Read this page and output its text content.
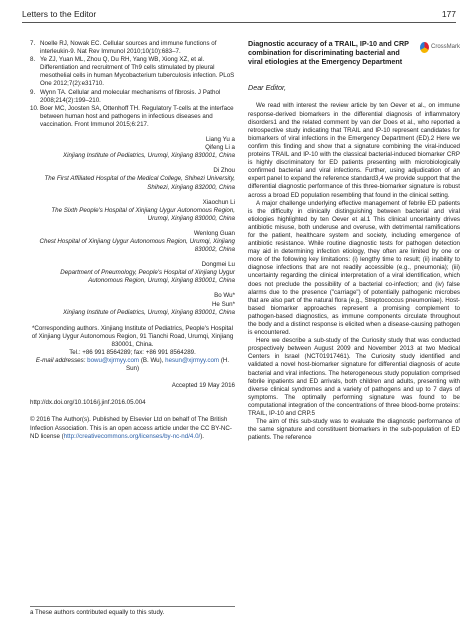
Letters to the Editor	177
7. Noelle RJ, Nowak EC. Cellular sources and immune functions of interleukin-9. Nat Rev Immunol 2010;10(10):683–7.
8. Ye ZJ, Yuan ML, Zhou Q, Du RH, Yang WB, Xiong XZ, et al. Differentiation and recruitment of Th9 cells stimulated by pleural mesothelial cells in human Mycobacterium tuberculosis infection. PLoS One 2012;7(2):e31710.
9. Wynn TA. Cellular and molecular mechanisms of fibrosis. J Pathol 2008;214(2):199–210.
10. Boer MC, Joosten SA, Ottenhoff TH. Regulatory T-cells at the interface between human host and pathogens in infectious diseases and vaccination. Front Immunol 2015;6:217.
Liang Yu a
Qifeng Li a
Xinjiang Institute of Pediatrics, Urumqi, Xinjiang 830001, China
Di Zhou
The First Affiliated Hospital of the Medical College, Shihezi University, Shihezi, Xinjiang 832000, China
Xiaochun Li
The Sixth People's Hospital of Xinjiang Uygur Autonomous Region, Urumqi, Xinjiang 830000, China
Wenlong Guan
Chest Hospital of Xinjiang Uygur Autonomous Region, Urumqi, Xinjiang 830002, China
Dongmei Lu
Department of Pneumology, People's Hospital of Xinjiang Uygur Autonomous Region, Urumqi, Xinjiang 830001, China
Bo Wu*
He Sun*
Xinjiang Institute of Pediatrics, Urumqi, Xinjiang 830001, China
*Corresponding authors. Xinjiang Institute of Pediatrics, People's Hospital of Xinjiang Uygur Autonomous Region, 91 Tianchi Road, Urumqi, Xinjiang 830001, China.
Tel.: +86 991 8564289; fax: +86 991 8564289.
E-mail addresses: bowu@xjrmyy.com (B. Wu), hesun@xjrmyy.com (H. Sun)
Accepted 19 May 2016
http://dx.doi.org/10.1016/j.jinf.2016.05.004
© 2016 The Author(s). Published by Elsevier Ltd on behalf of The British Infection Association. This is an open access article under the CC BY-NC-ND license (http://creativecommons.org/licenses/by-nc-nd/4.0/).
a These authors contributed equally to this study.
Diagnostic accuracy of a TRAIL, IP-10 and CRP combination for discriminating bacterial and viral etiologies at the Emergency Department
CrossMark
Dear Editor,

We read with interest the review article by ten Oever et al., on immune response-derived biomarkers in the differential diagnosis of inflammatory disorders1 and the related comment by van der Does et al., who reported a retrospective study indicating that TRAIL and IP-10 represent candidates for biomarkers of viral infections in the Emergency Department (ED).2 Here we confirm this finding and show that a signature combining the viral-induced proteins TRAIL and IP-10 with the classical bacterial-induced biomarker CRP is highly discriminatory for ED patients presenting with microbiologically confirmed bacterial and viral infections. Further, using adjudication of an expert panel to expand the reference standard3,4 we provide support that the differential diagnostic performance of this three-biomarker signature is robust across a broad ED population resembling that found in the clinical setting.

A major challenge underlying effective management of febrile ED patients is the difficulty in clinically distinguishing between bacterial and viral etiologies highlighted by ten Oever et al.1 This clinical uncertainty drives antibiotic misuse, both underuse and overuse, with detrimental ramifications for the patient, healthcare system and society, including emergence of antibiotic resistance. While routine diagnostic tests for pathogen detection may aid in determining infection etiology, they often are limited by one or more of the following key limitations: (i) lengthy time to result; (ii) inability to diagnose infections that are not readily accessible (e.g., pneumonia); (iii) uncertainty regarding the clinical interpretation of a viral identification, which does not preclude the possibility of a bacterial co-infection; and (iv) false alarms due to the presence ("carriage") of potentially pathogenic microbes that are also part of the natural flora (e.g., Streptococcus pneumoniae). Host-based biomarker approaches represent a promising complement to pathogen-based diagnostics, as immune components circulate throughout the body and a distinct response is elicited when a disease-causing pathogen is encountered.

Here we describe a sub-study of the Curiosity study that was conducted prospectively between August 2009 and November 2013 at two Medical Centers in Israel (NCT01917461). The Curiosity study identified and validated a novel host-biomarker signature for differential diagnosis of acute bacterial and viral infections. The heterogeneous study population comprised febrile inpatients and ED arrivals, both children and adults, presenting with diverse clinical syndromes and a variety of pathogens and up to 7 days of symptoms. The optimally performing signature was found to be computational integration of the concentrations of three blood-borne proteins: TRAIL, IP-10 and CRP.5

The aim of this sub-study was to evaluate the diagnostic performance of the same signature and constituent biomarkers in the sub-population of ED patients. The reference
